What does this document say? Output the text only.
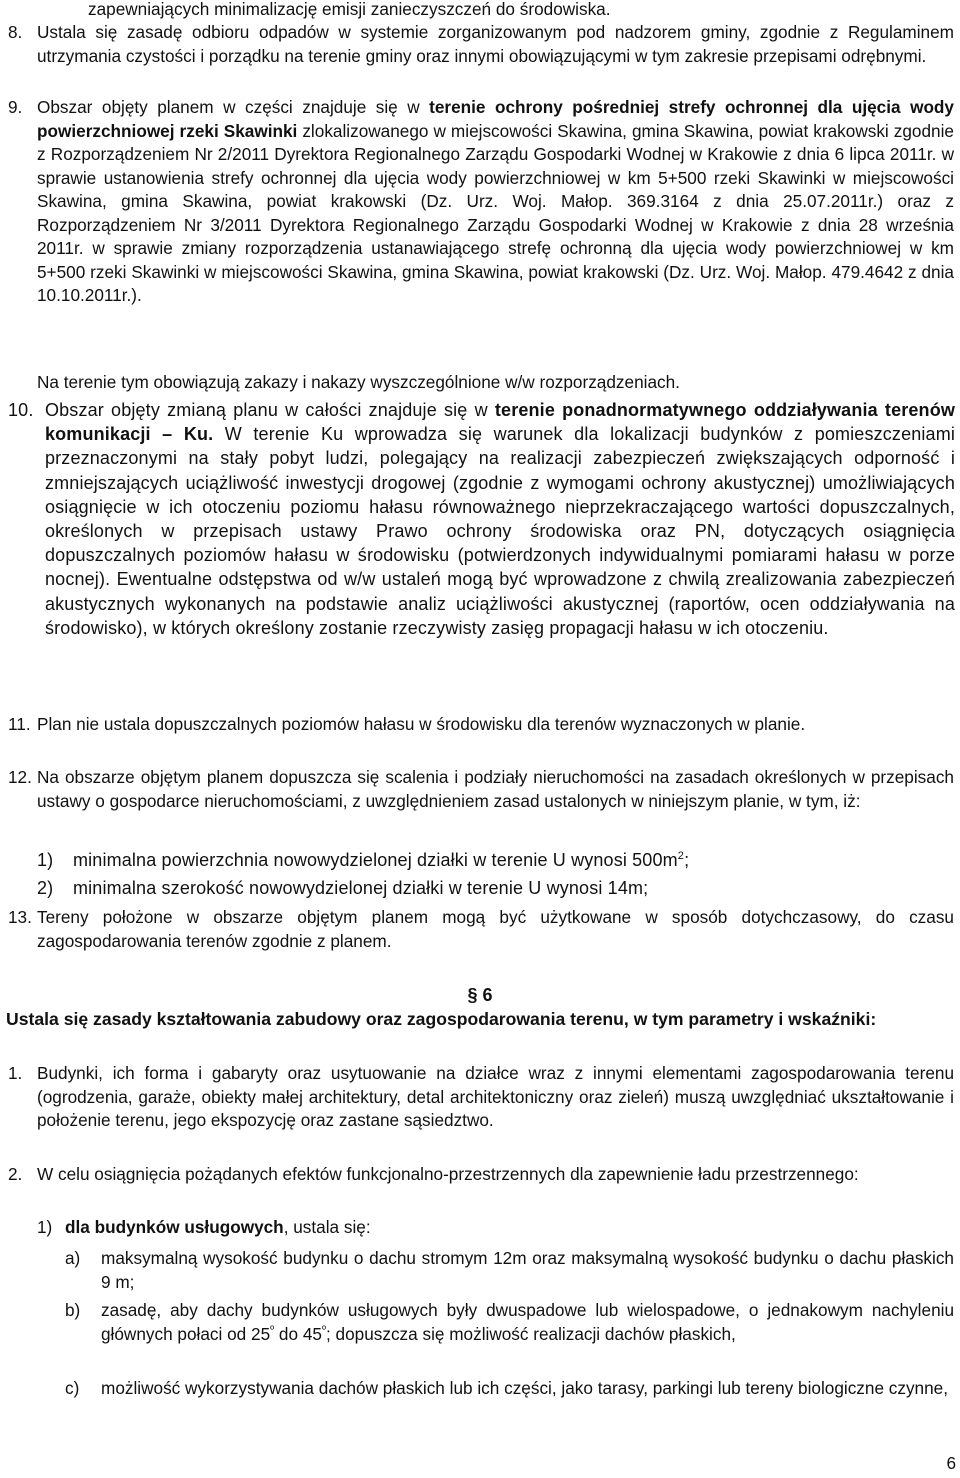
zapewniających minimalizację emisji zanieczyszczeń do środowiska.
8. Ustala się zasadę odbioru odpadów w systemie zorganizowanym pod nadzorem gminy, zgodnie z Regulaminem utrzymania czystości i porządku na terenie gminy oraz innymi obowiązującymi w tym zakresie przepisami odrębnymi.
9. Obszar objęty planem w części znajduje się w terenie ochrony pośredniej strefy ochronnej dla ujęcia wody powierzchniowej rzeki Skawinki zlokalizowanego w miejscowości Skawina, gmina Skawina, powiat krakowski zgodnie z Rozporządzeniem Nr 2/2011 Dyrektora Regionalnego Zarządu Gospodarki Wodnej w Krakowie z dnia 6 lipca 2011r. w sprawie ustanowienia strefy ochronnej dla ujęcia wody powierzchniowej w km 5+500 rzeki Skawinki w miejscowości Skawina, gmina Skawina, powiat krakowski (Dz. Urz. Woj. Małop. 369.3164 z dnia 25.07.2011r.) oraz z Rozporządzeniem Nr 3/2011 Dyrektora Regionalnego Zarządu Gospodarki Wodnej w Krakowie z dnia 28 września 2011r. w sprawie zmiany rozporządzenia ustanawiającego strefę ochronną dla ujęcia wody powierzchniowej w km 5+500 rzeki Skawinki w miejscowości Skawina, gmina Skawina, powiat krakowski (Dz. Urz. Woj. Małop. 479.4642 z dnia 10.10.2011r.).
Na terenie tym obowiązują zakazy i nakazy wyszczególnione w/w rozporządzeniach.
10. Obszar objęty zmianą planu w całości znajduje się w terenie ponadnormatywnego oddziaływania terenów komunikacji – Ku. W terenie Ku wprowadza się warunek dla lokalizacji budynków z pomieszczeniami przeznaczonymi na stały pobyt ludzi, polegający na realizacji zabezpieczeń zwiększających odporność i zmniejszających uciążliwość inwestycji drogowej (zgodnie z wymogami ochrony akustycznej) umożliwiających osiągnięcie w ich otoczeniu poziomu hałasu równoważnego nieprzekraczającego wartości dopuszczalnych, określonych w przepisach ustawy Prawo ochrony środowiska oraz PN, dotyczących osiągnięcia dopuszczalnych poziomów hałasu w środowisku (potwierdzonych indywidualnymi pomiarami hałasu w porze nocnej). Ewentualne odstępstwa od w/w ustaleń mogą być wprowadzone z chwilą zrealizowania zabezpieczeń akustycznych wykonanych na podstawie analiz uciążliwości akustycznej (raportów, ocen oddziaływania na środowisko), w których określony zostanie rzeczywisty zasięg propagacji hałasu w ich otoczeniu.
11. Plan nie ustala dopuszczalnych poziomów hałasu w środowisku dla terenów wyznaczonych w planie.
12. Na obszarze objętym planem dopuszcza się scalenia i podziały nieruchomości na zasadach określonych w przepisach ustawy o gospodarce nieruchomościami, z uwzględnieniem zasad ustalonych w niniejszym planie, w tym, iż:
1) minimalna powierzchnia nowowydzielonej działki w terenie U wynosi $500m^2$;
2) minimalna szerokość nowowydzielonej działki w terenie U wynosi 14m;
13. Tereny położone w obszarze objętym planem mogą być użytkowane w sposób dotychczasowy, do czasu zagospodarowania terenów zgodnie z planem.
§ 6
Ustala się zasady kształtowania zabudowy oraz zagospodarowania terenu, w tym parametry i wskaźniki:
1. Budynki, ich forma i gabaryty oraz usytuowanie na działce wraz z innymi elementami zagospodarowania terenu (ogrodzenia, garaże, obiekty małej architektury, detal architektoniczny oraz zieleń) muszą uwzględniać ukształtowanie i położenie terenu, jego ekspozycję oraz zastane sąsiedztwo.
2. W celu osiągnięcia pożądanych efektów funkcjonalno-przestrzennych dla zapewnienie ładu przestrzennego:
1) dla budynków usługowych, ustala się:
a) maksymalną wysokość budynku o dachu stromym 12m oraz maksymalną wysokość budynku o dachu płaskich 9 m;
b) zasadę, aby dachy budynków usługowych były dwuspadowe lub wielospadowe, o jednakowym nachyleniu głównych połaci od $25^º$ do $45^º$; dopuszcza się możliwość realizacji dachów płaskich,
c) możliwość wykorzystywania dachów płaskich lub ich części, jako tarasy, parkingi lub tereny biologiczne czynne,
6
